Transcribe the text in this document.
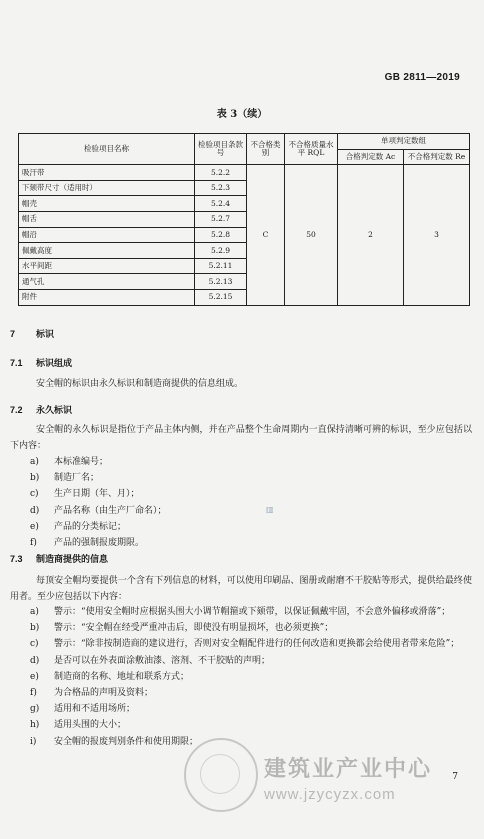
GB 2811—2019
表 3（续）
检验项目名称	检验项目条款号	不合格类别	不合格质量水平 RQL	单项判定数组	
				合格判定数 Ac	不合格判定数 Re
吸汗带	5.2.2	C	50	2	3
下颏带尺寸（适用时）	5.2.3				
帽壳	5.2.4				
帽舌	5.2.7				
帽沿	5.2.8				
佩戴高度	5.2.9				
水平间距	5.2.11				
通气孔	5.2.13				
附件	5.2.15				
7 标识
7.1 标识组成

安全帽的标识由永久标识和制造商提供的信息组成。

7.2 永久标识

安全帽的永久标识是指位于产品主体内侧，并在产品整个生命周期内一直保持清晰可辨的标识，至少应包括以下内容：

a) 本标准编号；
b) 制造厂名；
c) 生产日期（年、月）；
d) 产品名称（由生产厂命名）；
e) 产品的分类标记；
f) 产品的强制报废期限。
▥
7.3 制造商提供的信息

每顶安全帽均要提供一个含有下列信息的材料，可以使用印刷品、图册或耐磨不干胶贴等形式，提供给最终使用者。至少应包括以下内容：

a) 警示：“使用安全帽时应根据头围大小调节帽箍或下颏带，以保证佩戴牢固，不会意外偏移或滑落”；
b) 警示：“安全帽在经受严重冲击后，即使没有明显损坏，也必须更换”；
c) 警示：“除非按制造商的建议进行，否则对安全帽配件进行的任何改造和更换都会给使用者带来危险”；
d) 是否可以在外表面涂敷油漆、溶剂、不干胶贴的声明；
e) 制造商的名称、地址和联系方式；
f) 为合格品的声明及资料；
g) 适用和不适用场所；
h) 适用头围的大小；
i) 安全帽的报废判别条件和使用期限；
建筑业产业中心
www.jzycyzx.com
7
